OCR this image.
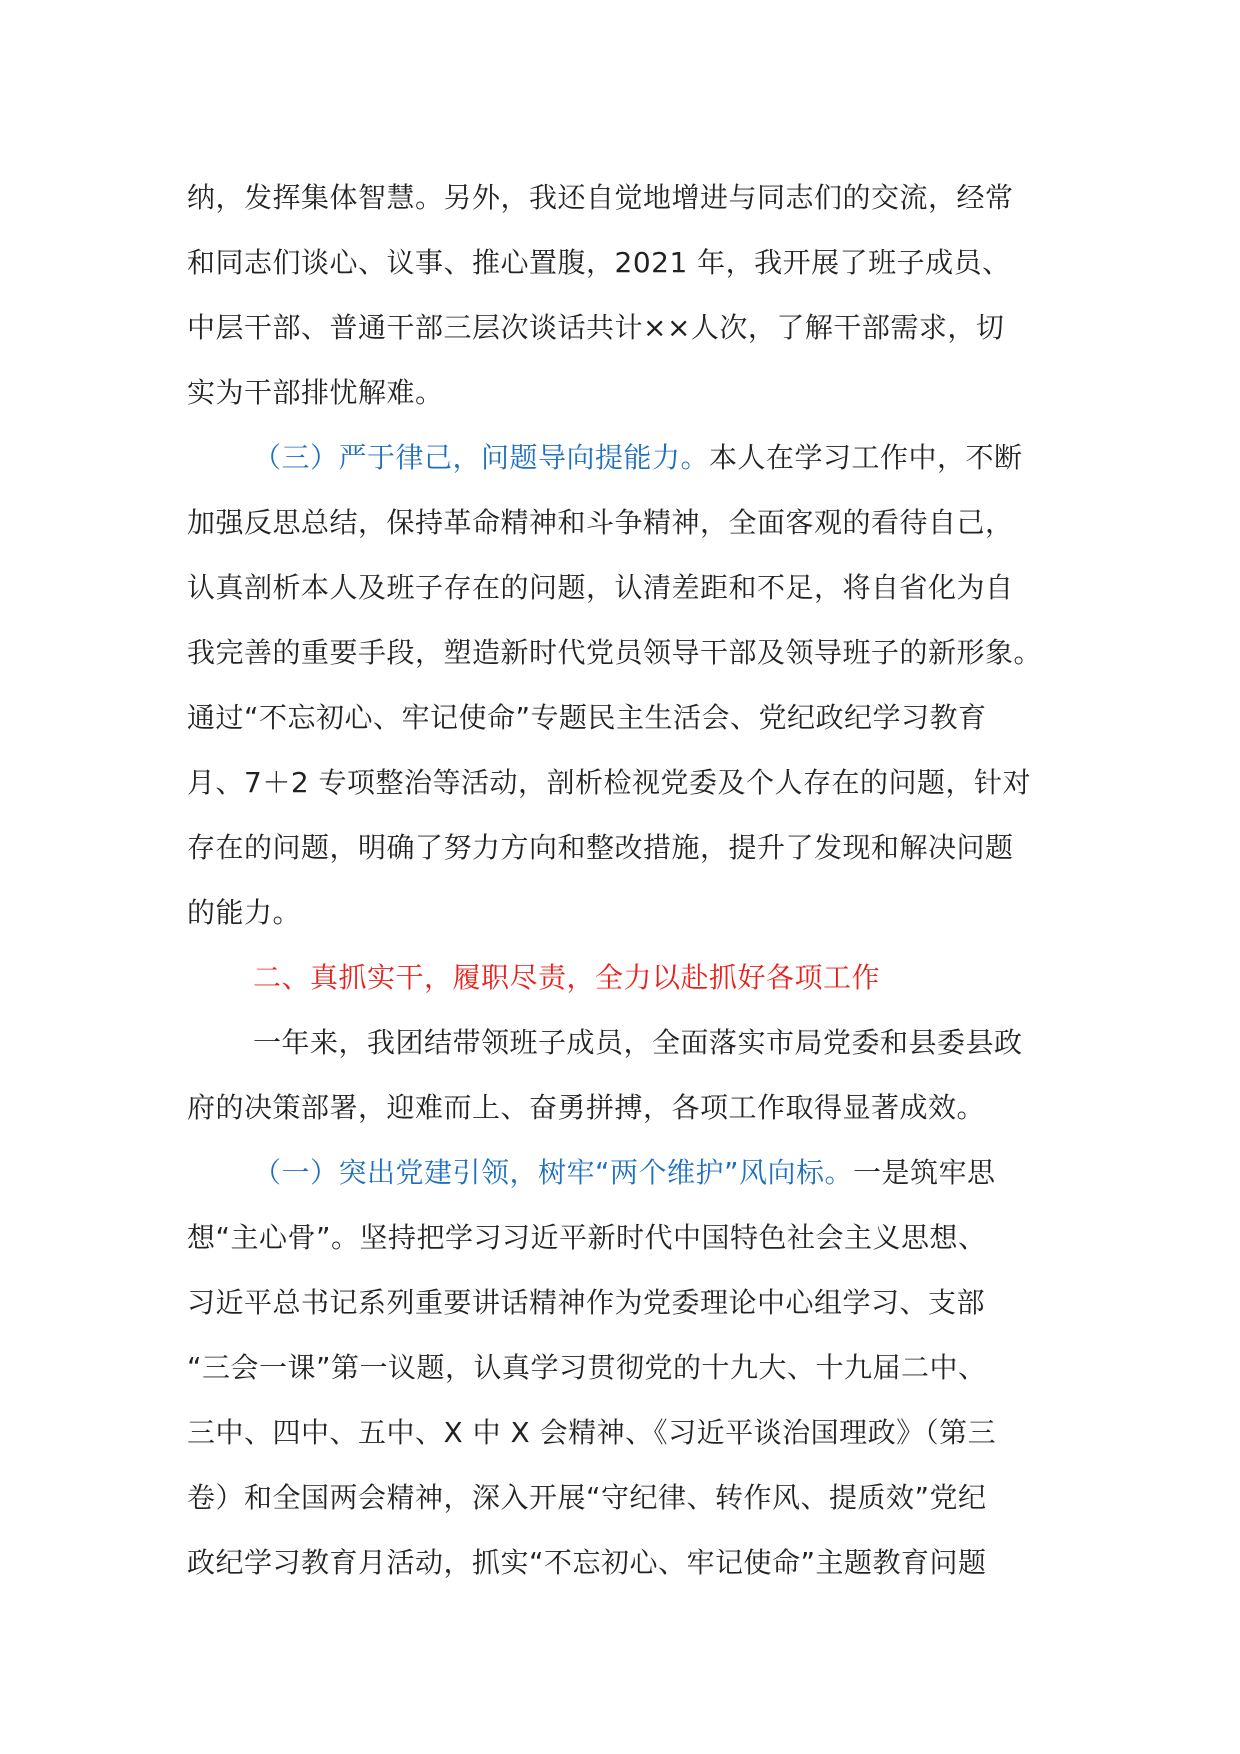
纳，发挥集体智慧。另外，我还自觉地增进与同志们的交流，经常
和同志们谈心、议事、推心置腹，2021 年，我开展了班子成员、
中层干部、普通干部三层次谈话共计××人次，了解干部需求，切
实为干部排忧解难。
（三）严于律己，问题导向提能力。本人在学习工作中，不断
加强反思总结，保持革命精神和斗争精神，全面客观的看待自己，
认真剖析本人及班子存在的问题，认清差距和不足，将自省化为自
我完善的重要手段，塑造新时代党员领导干部及领导班子的新形象。
通过“不忘初心、牢记使命”专题民主生活会、党纪政纪学习教育
月、7＋2 专项整治等活动，剖析检视党委及个人存在的问题，针对
存在的问题，明确了努力方向和整改措施，提升了发现和解决问题
的能力。
二、真抓实干，履职尽责，全力以赴抓好各项工作
一年来，我团结带领班子成员，全面落实市局党委和县委县政
府的决策部署，迎难而上、奋勇拼搏，各项工作取得显著成效。
（一）突出党建引领，树牢“两个维护”风向标。一是筑牢思
想“主心骨”。坚持把学习习近平新时代中国特色社会主义思想、
习近平总书记系列重要讲话精神作为党委理论中心组学习、支部
“三会一课”第一议题，认真学习贯彻党的十九大、十九届二中、
三中、四中、五中、X 中 X 会精神、《习近平谈治国理政》（第三
卷）和全国两会精神，深入开展“守纪律、转作风、提质效”党纪
政纪学习教育月活动，抓实“不忘初心、牢记使命”主题教育问题
